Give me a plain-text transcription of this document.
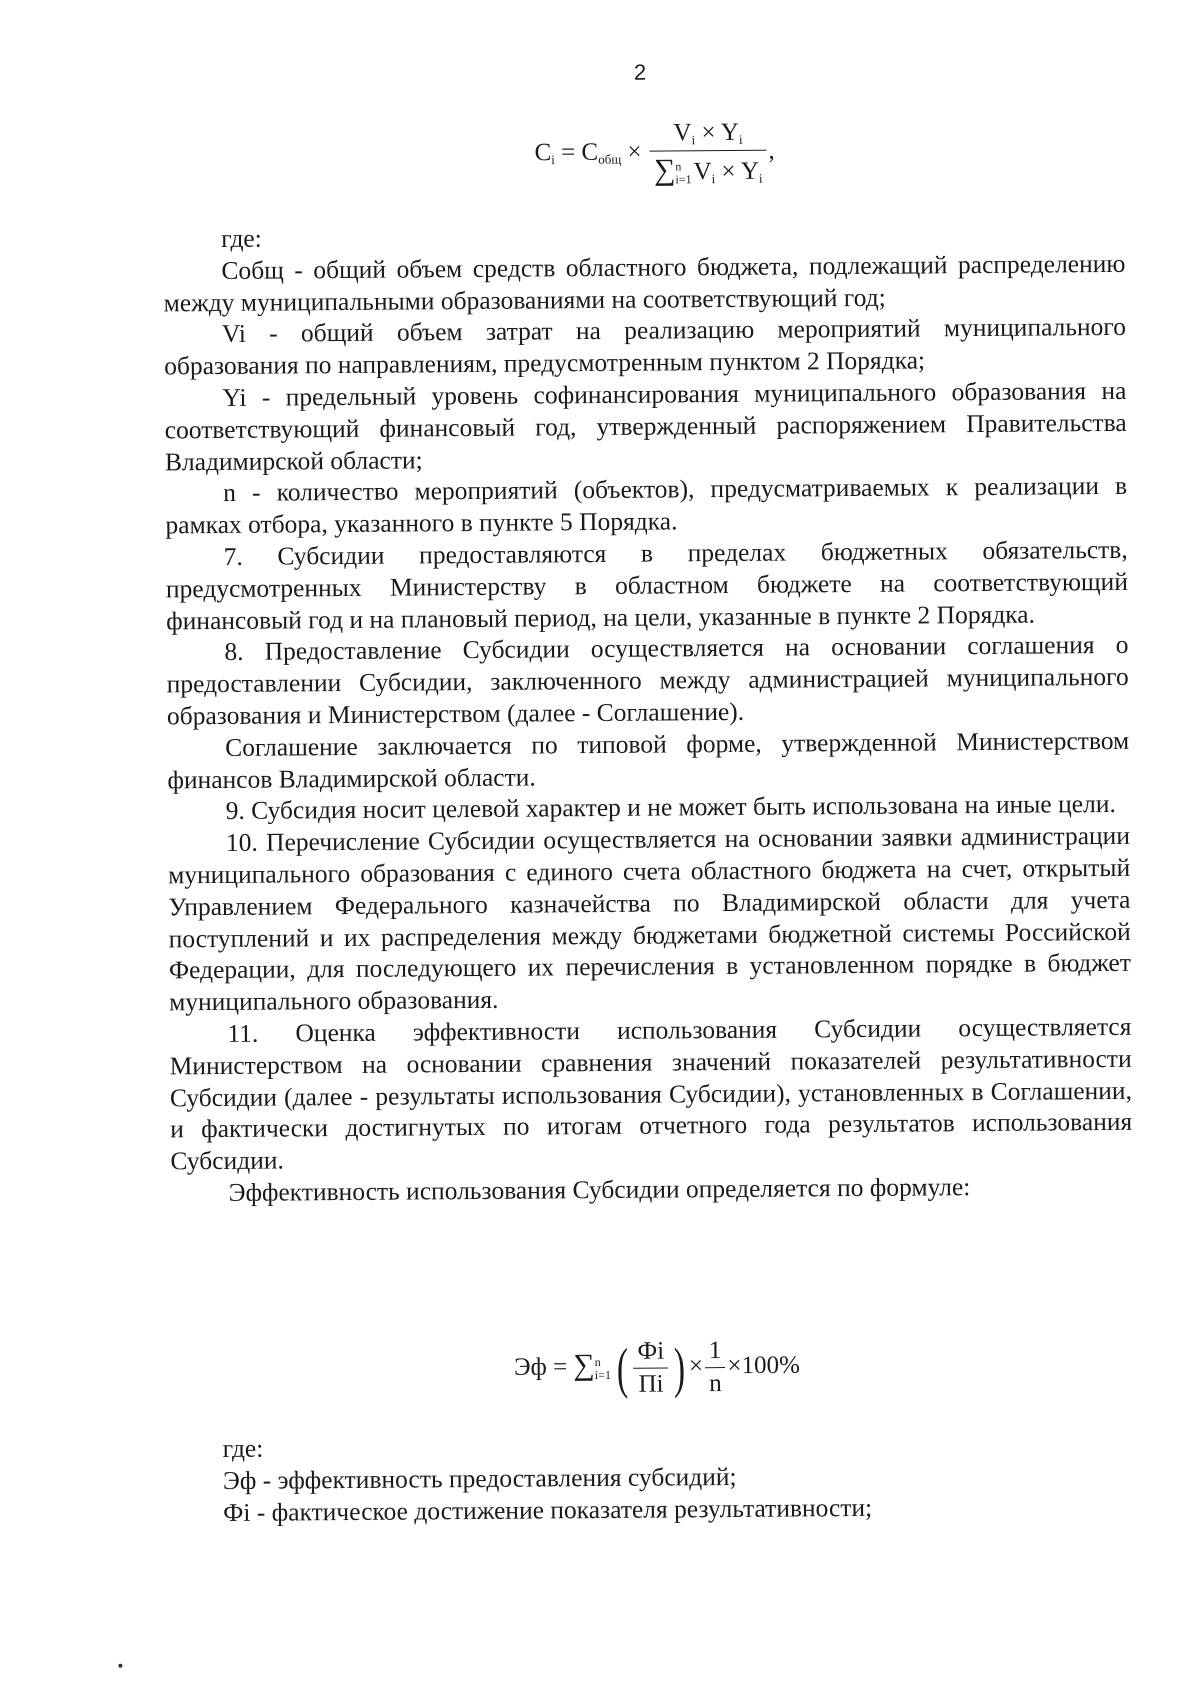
2
$C_i = C_{общ} \times V_i \times Y_i$
∑ n
i=1 $V_i \times Y_i$ ,

где:

Cобщ - общий объем средств областного бюджета, подлежащий распределению между муниципальными образованиями на соответствующий год;

Vi - общий объем затрат на реализацию мероприятий муниципального образования по направлениям, предусмотренным пунктом 2 Порядка;

Yi - предельный уровень софинансирования муниципального образования на соответствующий финансовый год, утвержденный распоряжением Правительства Владимирской области;

n - количество мероприятий (объектов), предусматриваемых к реализации в рамках отбора, указанного в пункте 5 Порядка.

7. Субсидии предоставляются в пределах бюджетных обязательств, предусмотренных Министерству в областном бюджете на соответствующий финансовый год и на плановый период, на цели, указанные в пункте 2 Порядка.

8. Предоставление Субсидии осуществляется на основании соглашения о предоставлении Субсидии, заключенного между администрацией муниципального образования и Министерством (далее - Соглашение).

Соглашение заключается по типовой форме, утвержденной Министерством финансов Владимирской области.

9. Субсидия носит целевой характер и не может быть использована на иные цели.

10. Перечисление Субсидии осуществляется на основании заявки администрации муниципального образования с единого счета областного бюджета на счет, открытый Управлением Федерального казначейства по Владимирской области для учета поступлений и их распределения между бюджетами бюджетной системы Российской Федерации, для последующего их перечисления в установленном порядке в бюджет муниципального образования.

11. Оценка эффективности использования Субсидии осуществляется Министерством на основании сравнения значений показателей результативности Субсидии (далее - результаты использования Субсидии), установленных в Соглашении, и фактически достигнутых по итогам отчетного года результатов использования Субсидии.

Эффективность использования Субсидии определяется по формуле:

Эф = ∑ n
i=1 ( $\frac{Фi}{Пi}$ ) × $\frac{1}{n} \times 100\%$

где:

Эф - эффективность предоставления субсидий;

Фi - фактическое достижение показателя результативности;
